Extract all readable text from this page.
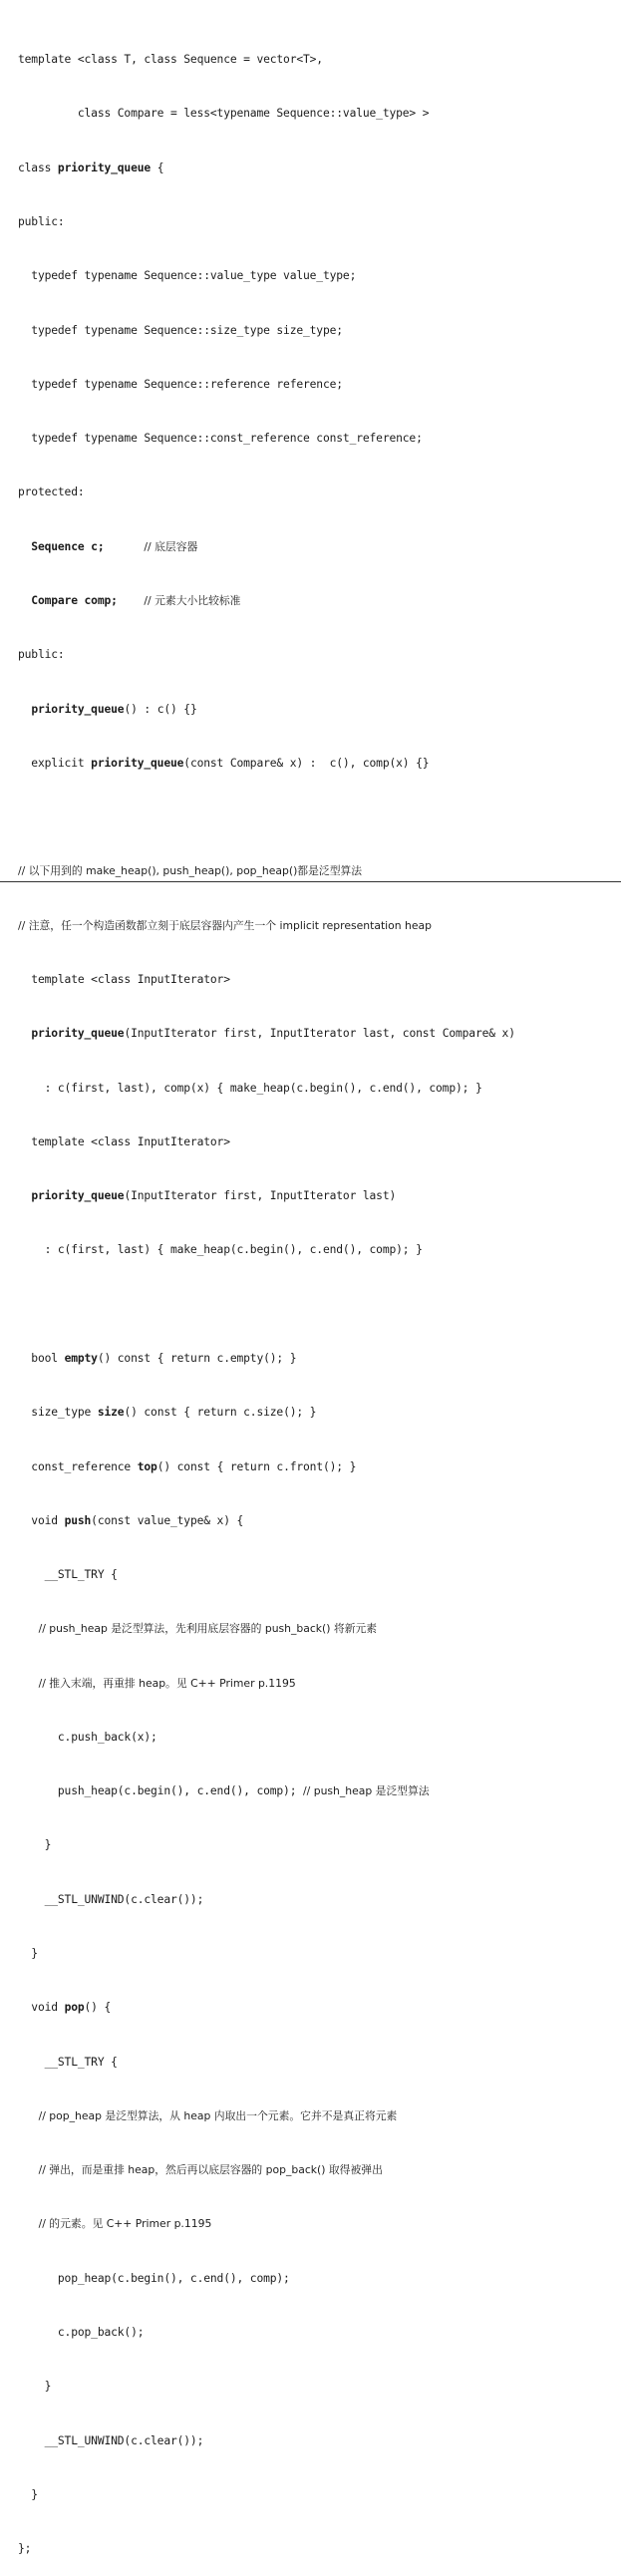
template <class T, class Sequence = vector<T>,

class Compare = less<typename Sequence::value_type> >

class priority_queue {

public:

typedef typename Sequence::value_type value_type;

typedef typename Sequence::size_type size_type;

typedef typename Sequence::reference reference;

typedef typename Sequence::const_reference const_reference;

protected:

Sequence c;	// 底层容器

Compare comp; // 元素大小比较标准

public:

priority_queue() : c() {}

explicit priority_queue(const Compare& x) :  c(), comp(x) {}

// 以下用到的 make_heap(), push_heap(), pop_heap()都是泛型算法

// 注意，任一个构造函数都立刻于底层容器内产生一个 implicit representation heap

template <class InputIterator>

priority_queue(InputIterator first, InputIterator last, const Compare& x)

: c(first, last), comp(x) { make_heap(c.begin(), c.end(), comp); }

template <class InputIterator>

priority_queue(InputIterator first, InputIterator last)

: c(first, last) { make_heap(c.begin(), c.end(), comp); }

bool empty() const { return c.empty(); }

size_type size() const { return c.size(); }

const_reference top() const { return c.front(); }

void push(const value_type& x) {

__STL_TRY {

// push_heap 是泛型算法，先利用底层容器的 push_back() 将新元素

// 推入末端，再重排 heap。见 C++ Primer p.1195

c.push_back(x);

push_heap(c.begin(), c.end(), comp); // push_heap 是泛型算法

}

__STL_UNWIND(c.clear());

}

void pop() {

__STL_TRY {

// pop_heap 是泛型算法，从 heap 内取出一个元素。它并不是真正将元素

// 弹出，而是重排 heap，然后再以底层容器的 pop_back() 取得被弹出

// 的元素。见 C++ Primer p.1195

pop_heap(c.begin(), c.end(), comp);

c.pop_back();

}

__STL_UNWIND(c.clear());

}

};
